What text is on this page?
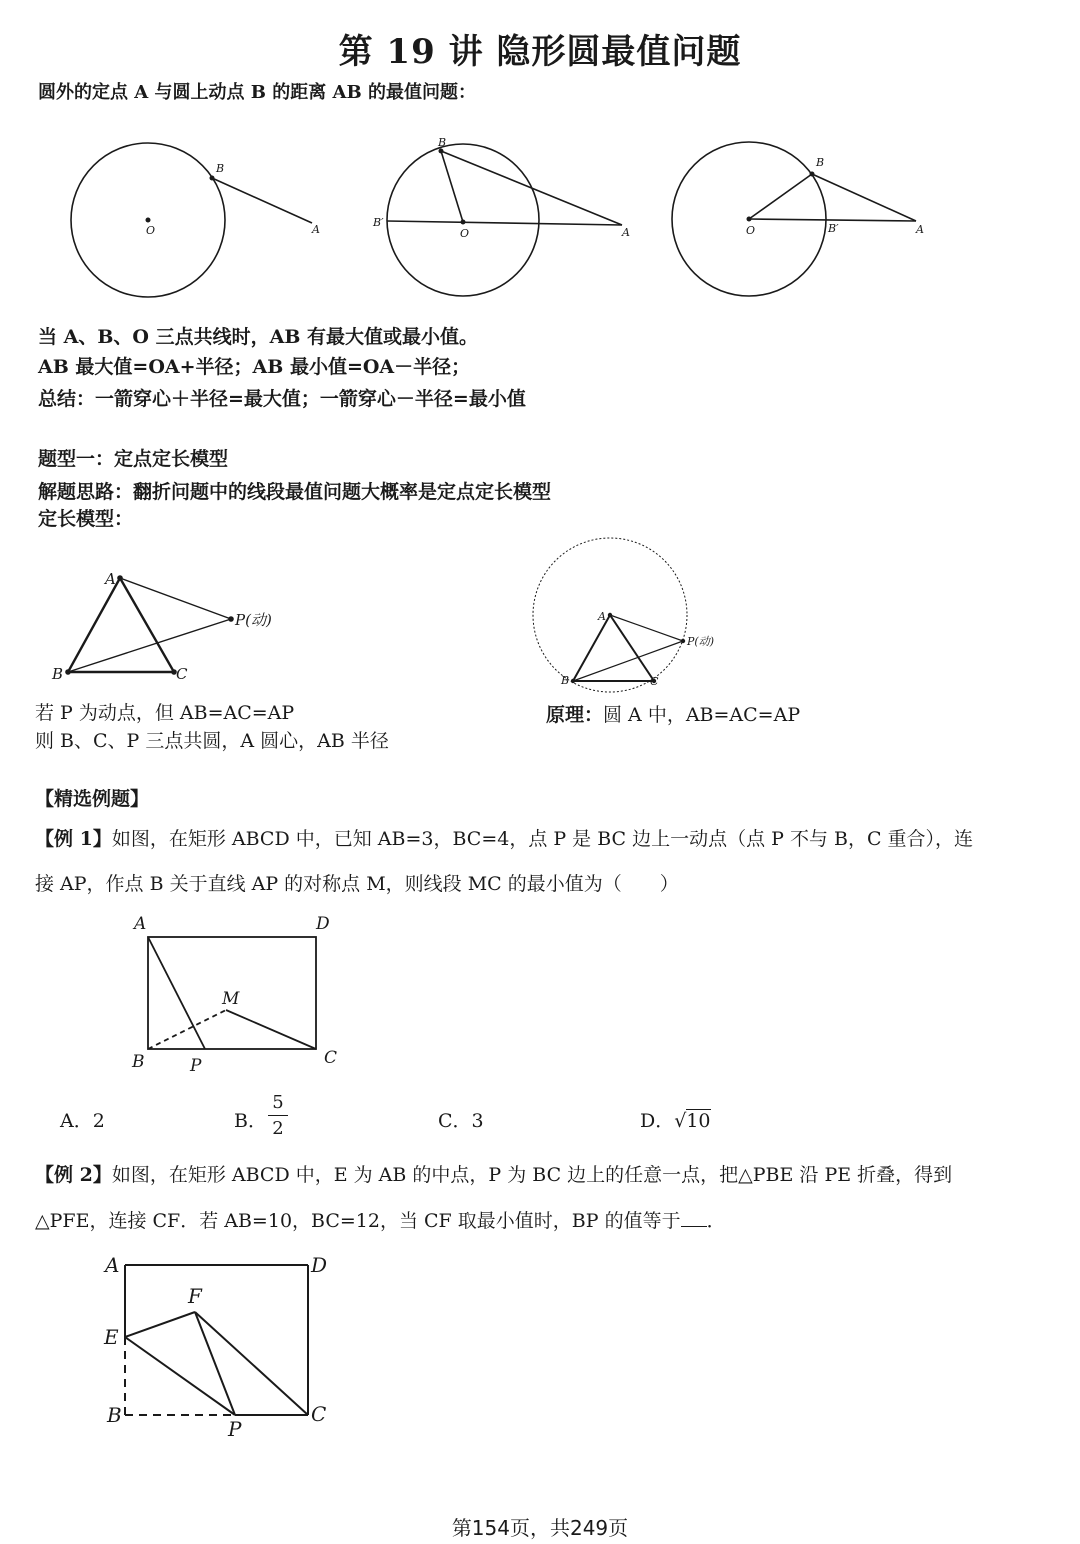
第 19 讲 隐形圆最值问题
圆外的定点 A 与圆上动点 B 的距离 AB 的最值问题：
O
B
A
B
B′
O	A
B
O	B′	A
当 A、B、O 三点共线时，AB 有最大值或最小值。
AB 最大值=OA+半径；AB 最小值=OA－半径；
总结：一箭穿心＋半径=最大值；一箭穿心－半径=最小值
题型一：定点定长模型
解题思路：翻折问题中的线段最值问题大概率是定点定长模型
定长模型：
A
B	C
P(动)	A
B	C
P(动)
若 P 为动点，但 AB=AC=AP
则 B、C、P 三点共圆，A 圆心，AB 半径
原理：圆 A 中，AB=AC=AP
【精选例题】
【例 1】如图，在矩形 ABCD 中，已知 AB=3，BC=4，点 P 是 BC 边上一动点（点 P 不与 B，C 重合），连
接 AP，作点 B 关于直线 AP 的对称点 M，则线段 MC 的最小值为（　　）
A	D
M
B	P	C
A．2	B．
5
2	C．3	D．√10
【例 2】如图，在矩形 ABCD 中，E 为 AB 的中点，P 为 BC 边上的任意一点，把△PBE 沿 PE 折叠，得到
△PFE，连接 CF．若 AB=10，BC=12，当 CF 取最小值时，BP 的值等于 ．
A	D
F
E
B
P
C
第154页，共249页
